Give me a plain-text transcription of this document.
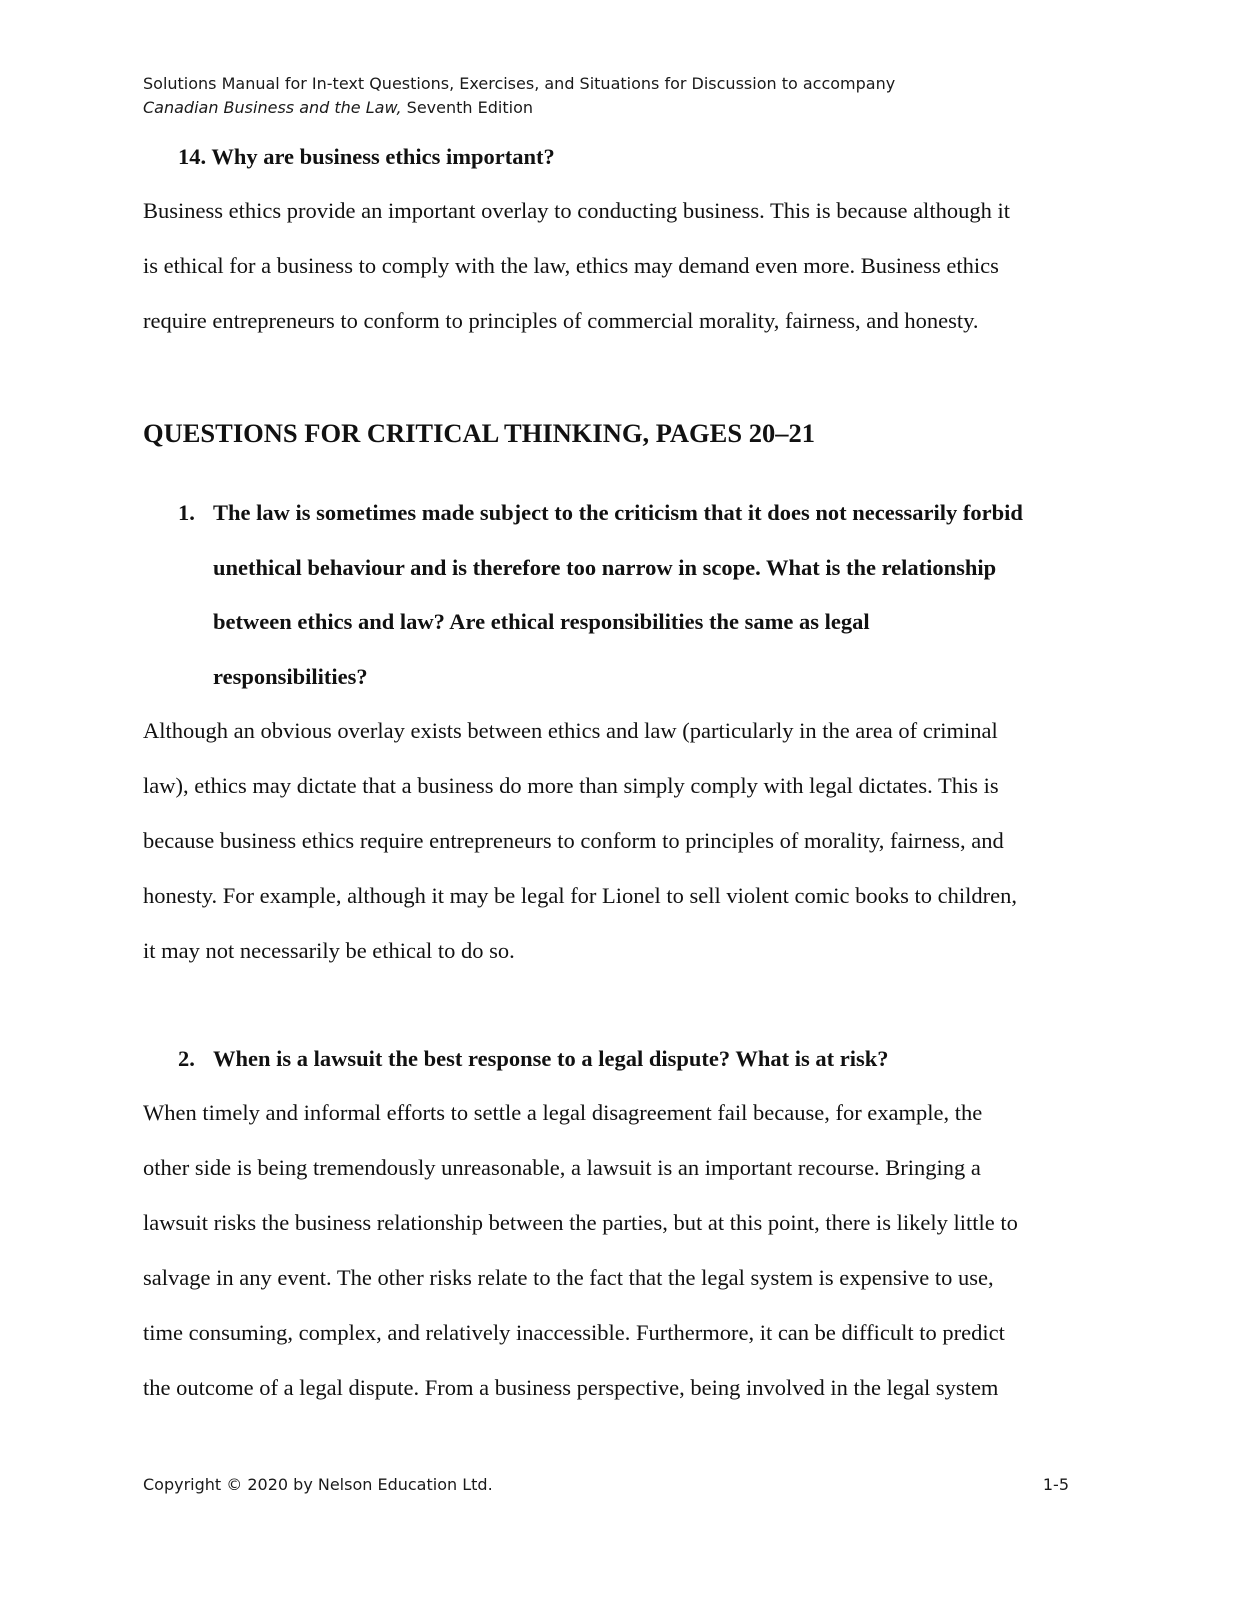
Solutions Manual for In-text Questions, Exercises, and Situations for Discussion to accompany
Canadian Business and the Law, Seventh Edition
14. Why are business ethics important?
Business ethics provide an important overlay to conducting business. This is because although it
is ethical for a business to comply with the law, ethics may demand even more. Business ethics
require entrepreneurs to conform to principles of commercial morality, fairness, and honesty.
QUESTIONS FOR CRITICAL THINKING, PAGES 20–21
1. The law is sometimes made subject to the criticism that it does not necessarily forbid
unethical behaviour and is therefore too narrow in scope. What is the relationship
between ethics and law? Are ethical responsibilities the same as legal
responsibilities?
Although an obvious overlay exists between ethics and law (particularly in the area of criminal
law), ethics may dictate that a business do more than simply comply with legal dictates. This is
because business ethics require entrepreneurs to conform to principles of morality, fairness, and
honesty. For example, although it may be legal for Lionel to sell violent comic books to children,
it may not necessarily be ethical to do so.
2. When is a lawsuit the best response to a legal dispute? What is at risk?
When timely and informal efforts to settle a legal disagreement fail because, for example, the
other side is being tremendously unreasonable, a lawsuit is an important recourse. Bringing a
lawsuit risks the business relationship between the parties, but at this point, there is likely little to
salvage in any event. The other risks relate to the fact that the legal system is expensive to use,
time consuming, complex, and relatively inaccessible. Furthermore, it can be difficult to predict
the outcome of a legal dispute. From a business perspective, being involved in the legal system
Copyright © 2020 by Nelson Education Ltd.	1-5
